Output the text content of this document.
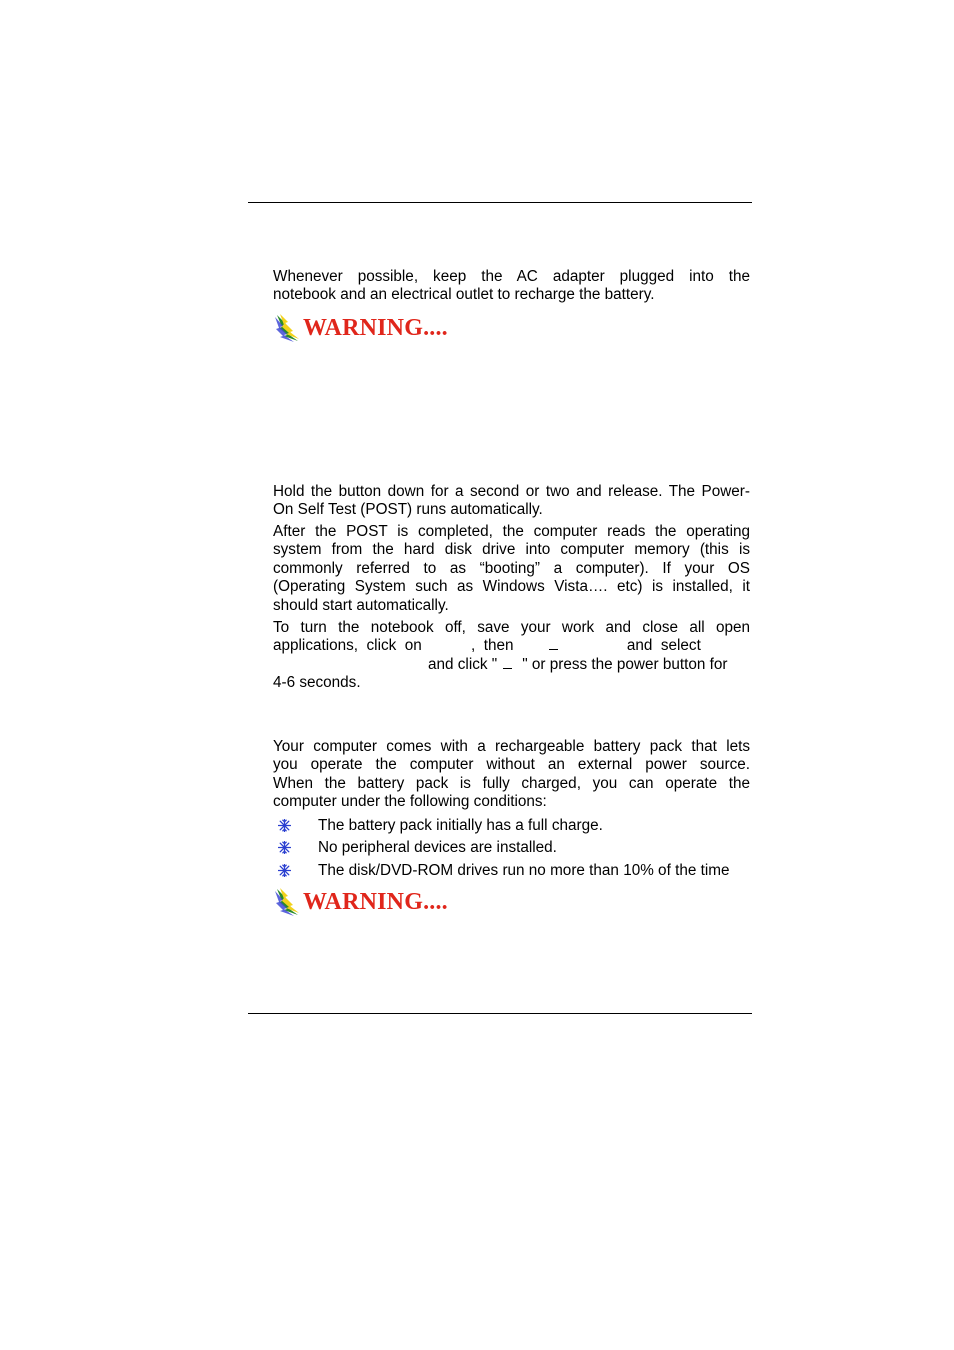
Whenever possible, keep the AC adapter plugged into the
notebook and an electrical outlet to recharge the battery.

WARNING....

Hold the button down for a second or two and release. The Power-
On Self Test (POST) runs automatically.

After the POST is completed, the computer reads the operating
system from the hard disk drive into computer memory (this is
commonly referred to as “booting” a computer). If your OS
(Operating System such as Windows Vista…. etc) is installed, it
should start automatically.

To turn the notebook off, save your work and close all open
applications,  click  on	,  then	and  select
and click " " or press the power button for
4-6 seconds.

Your computer comes with a rechargeable battery pack that lets
you operate the computer without an external power source.
When the battery pack is fully charged, you can operate the
computer under the following conditions:

The battery pack initially has a full charge.
No peripheral devices are installed.
The disk/DVD-ROM drives run no more than 10% of the time
WARNING....
